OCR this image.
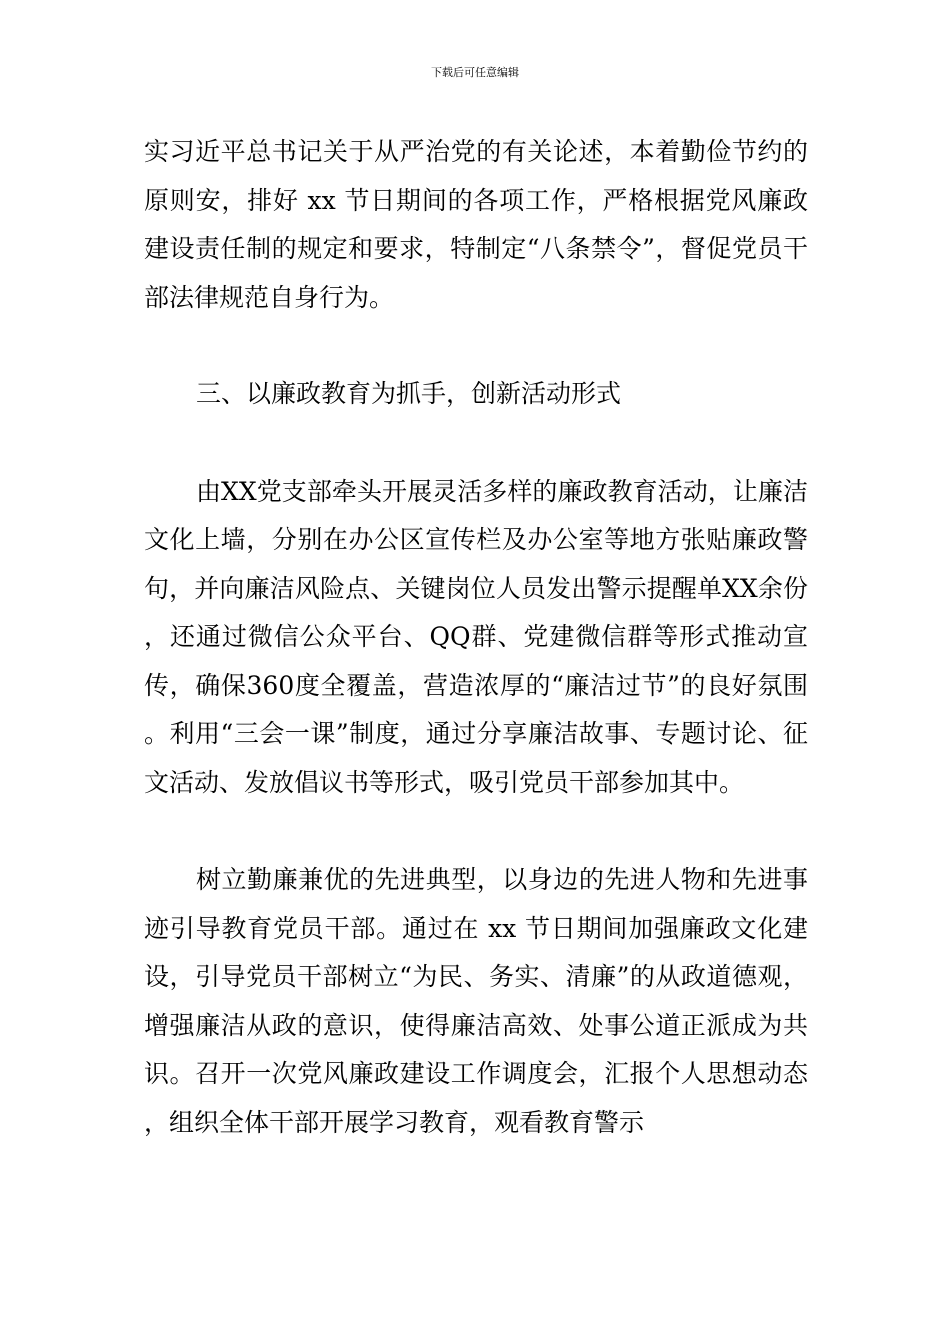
下载后可任意编辑

实习近平总书记关于从严治党的有关论述，本着勤俭节约的原则安，排好 xx 节日期间的各项工作，严格根据党风廉政建设责任制的规定和要求，特制定“八条禁令”，督促党员干部法律规范自身行为。

三、以廉政教育为抓手，创新活动形式

由XX党支部牵头开展灵活多样的廉政教育活动，让廉洁文化上墙，分别在办公区宣传栏及办公室等地方张贴廉政警句，并向廉洁风险点、关键岗位人员发出警示提醒单XX余份，还通过微信公众平台、QQ群、党建微信群等形式推动宣传，确保360度全覆盖，营造浓厚的“廉洁过节”的良好氛围。利用“三会一课”制度，通过分享廉洁故事、专题讨论、征文活动、发放倡议书等形式，吸引党员干部参加其中。

树立勤廉兼优的先进典型，以身边的先进人物和先进事迹引导教育党员干部。通过在 xx 节日期间加强廉政文化建设，引导党员干部树立“为民、务实、清廉”的从政道德观，增强廉洁从政的意识，使得廉洁高效、处事公道正派成为共识。召开一次党风廉政建设工作调度会，汇报个人思想动态，组织全体干部开展学习教育，观看教育警示
